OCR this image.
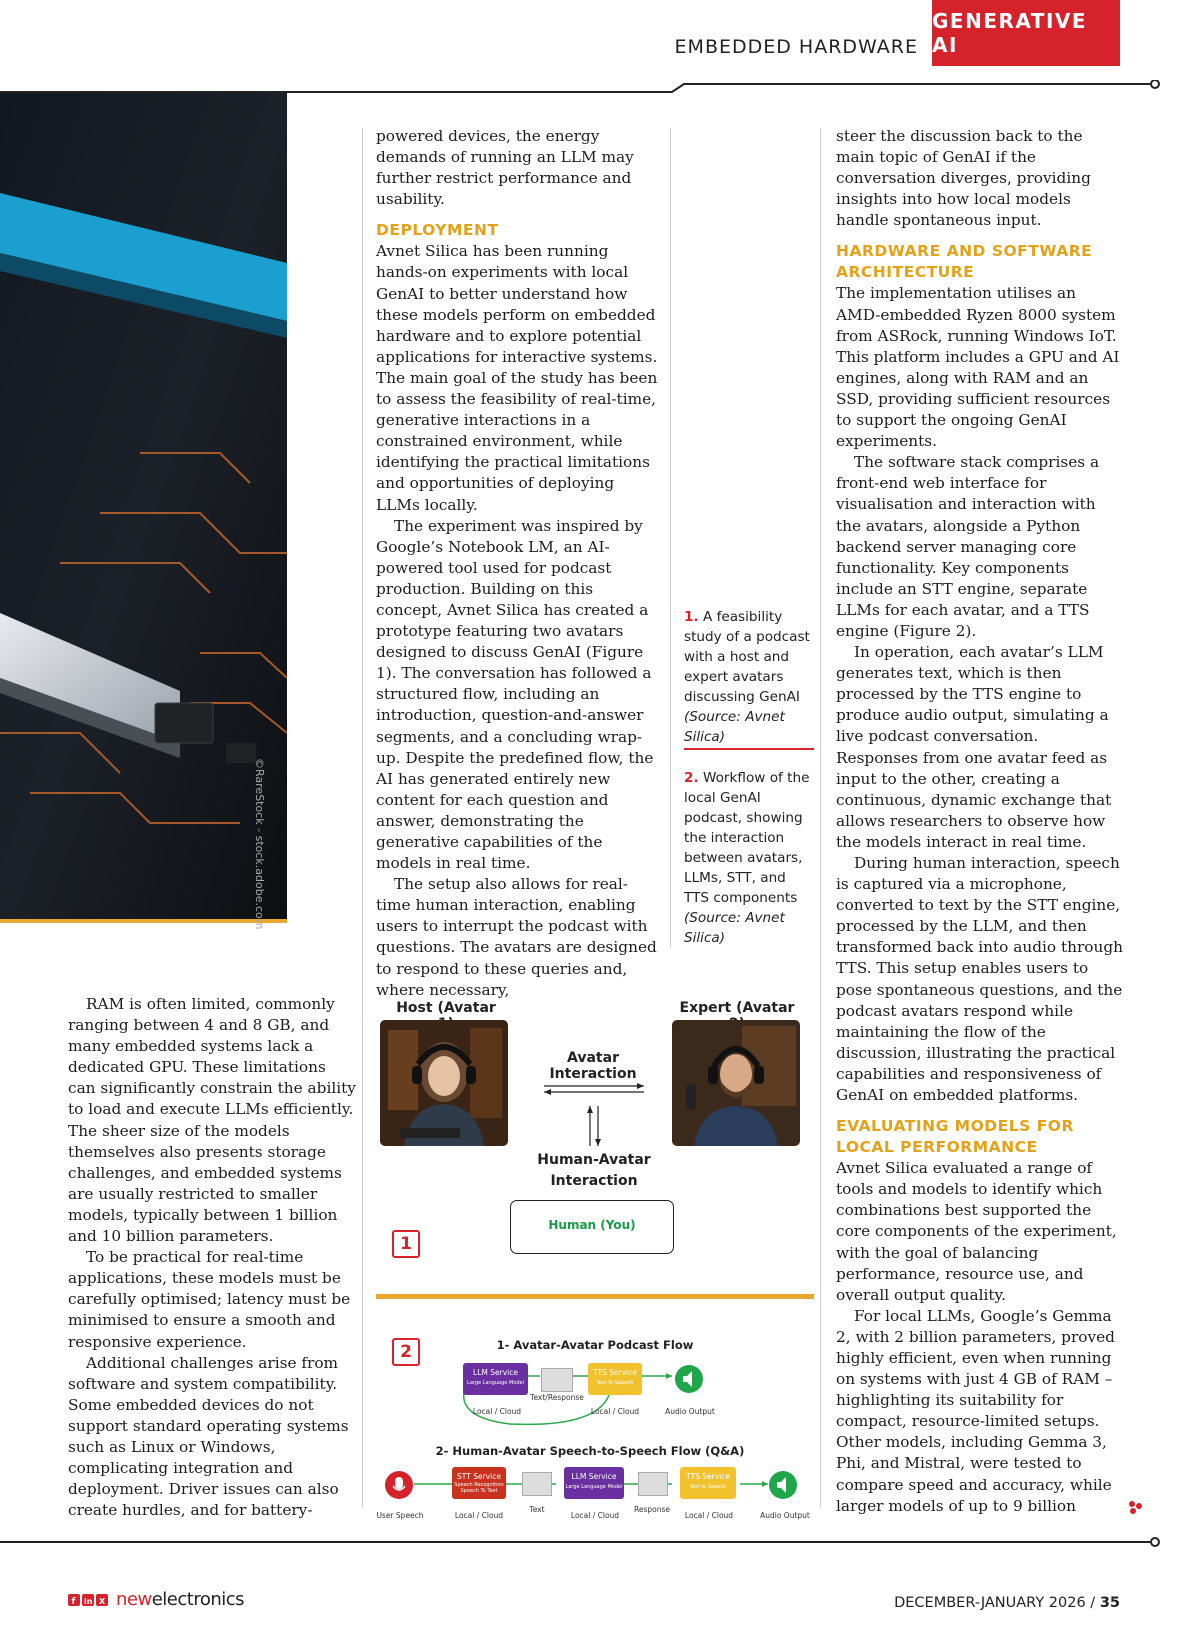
EMBEDDED HARDWARE
GENERATIVE AI
©RareStock - stock.adobe.com

RAM is often limited, commonly ranging between 4 and 8 GB, and many embedded systems lack a dedicated GPU. These limitations can significantly constrain the ability to load and execute LLMs efficiently. The sheer size of the models themselves also presents storage challenges, and embedded systems are usually restricted to smaller models, typically between 1 billion and 10 billion parameters.

To be practical for real-time applications, these models must be carefully optimised; latency must be minimised to ensure a smooth and responsive experience.

Additional challenges arise from software and system compatibility. Some embedded devices do not support standard operating systems such as Linux or Windows, complicating integration and deployment. Driver issues can also create hurdles, and for battery-

powered devices, the energy demands of running an LLM may further restrict performance and usability.

DEPLOYMENT

Avnet Silica has been running hands-on experiments with local GenAI to better understand how these models perform on embedded hardware and to explore potential applications for interactive systems. The main goal of the study has been to assess the feasibility of real-time, generative interactions in a constrained environment, while identifying the practical limitations and opportunities of deploying LLMs locally.

The experiment was inspired by Google’s Notebook LM, an AI-powered tool used for podcast production. Building on this concept, Avnet Silica has created a prototype featuring two avatars designed to discuss GenAI (Figure 1). The conversation has followed a structured flow, including an introduction, question-and-answer segments, and a concluding wrap-up. Despite the predefined flow, the AI has generated entirely new content for each question and answer, demonstrating the generative capabilities of the models in real time.

The setup also allows for real-time human interaction, enabling users to interrupt the podcast with questions. The avatars are designed to respond to these queries and, where necessary,

1. A feasibility study of a podcast with a host and expert avatars discussing GenAI (Source: Avnet Silica)
2. Workflow of the local GenAI podcast, showing the interaction between avatars, LLMs, STT, and TTS components (Source: Avnet Silica)

steer the discussion back to the main topic of GenAI if the conversation diverges, providing insights into how local models handle spontaneous input.

HARDWARE AND SOFTWARE ARCHITECTURE

The implementation utilises an AMD-embedded Ryzen 8000 system from ASRock, running Windows IoT. This platform includes a GPU and AI engines, along with RAM and an SSD, providing sufficient resources to support the ongoing GenAI experiments.

The software stack comprises a front-end web interface for visualisation and interaction with the avatars, alongside a Python backend server managing core functionality. Key components include an STT engine, separate LLMs for each avatar, and a TTS engine (Figure 2).

In operation, each avatar’s LLM generates text, which is then processed by the TTS engine to produce audio output, simulating a live podcast conversation. Responses from one avatar feed as input to the other, creating a continuous, dynamic exchange that allows researchers to observe how the models interact in real time.

During human interaction, speech is captured via a microphone, converted to text by the STT engine, processed by the LLM, and then transformed back into audio through TTS. This setup enables users to pose spontaneous questions, and the podcast avatars respond while maintaining the flow of the discussion, illustrating the practical capabilities and responsiveness of GenAI on embedded platforms.

EVALUATING MODELS FOR LOCAL PERFORMANCE

Avnet Silica evaluated a range of tools and models to identify which combinations best supported the core components of the experiment, with the goal of balancing performance, resource use, and overall output quality.

For local LLMs, Google’s Gemma 2, with 2 billion parameters, proved highly efficient, even when running on systems with just 4 GB of RAM – highlighting its suitability for compact, resource-limited setups. Other models, including Gemma 3, Phi, and Mistral, were tested to compare speed and accuracy, while larger models of up to 9 billion

Host (Avatar	Expert (Avatar
Avatar Interaction
Human-Avatar Interaction
Human (You)
1
2	1- Avatar-Avatar Podcast Flow
LLM Service
Large Language Model
Text/Response
TTS Service
Text to Speech
Local / Cloud	Local / Cloud	Audio Output
2- Human-Avatar Speech-to-Speech Flow (Q&A)
STT Service
Speech Recognition Speech To Text
LLM Service
Large Language Model
TTS Service
Text to Speech
User Speech	Local / Cloud
Text
Local / Cloud
Response
Local / Cloud	Audio Output
f in X newelectronics	DECEMBER-JANUARY 2026 / 35
